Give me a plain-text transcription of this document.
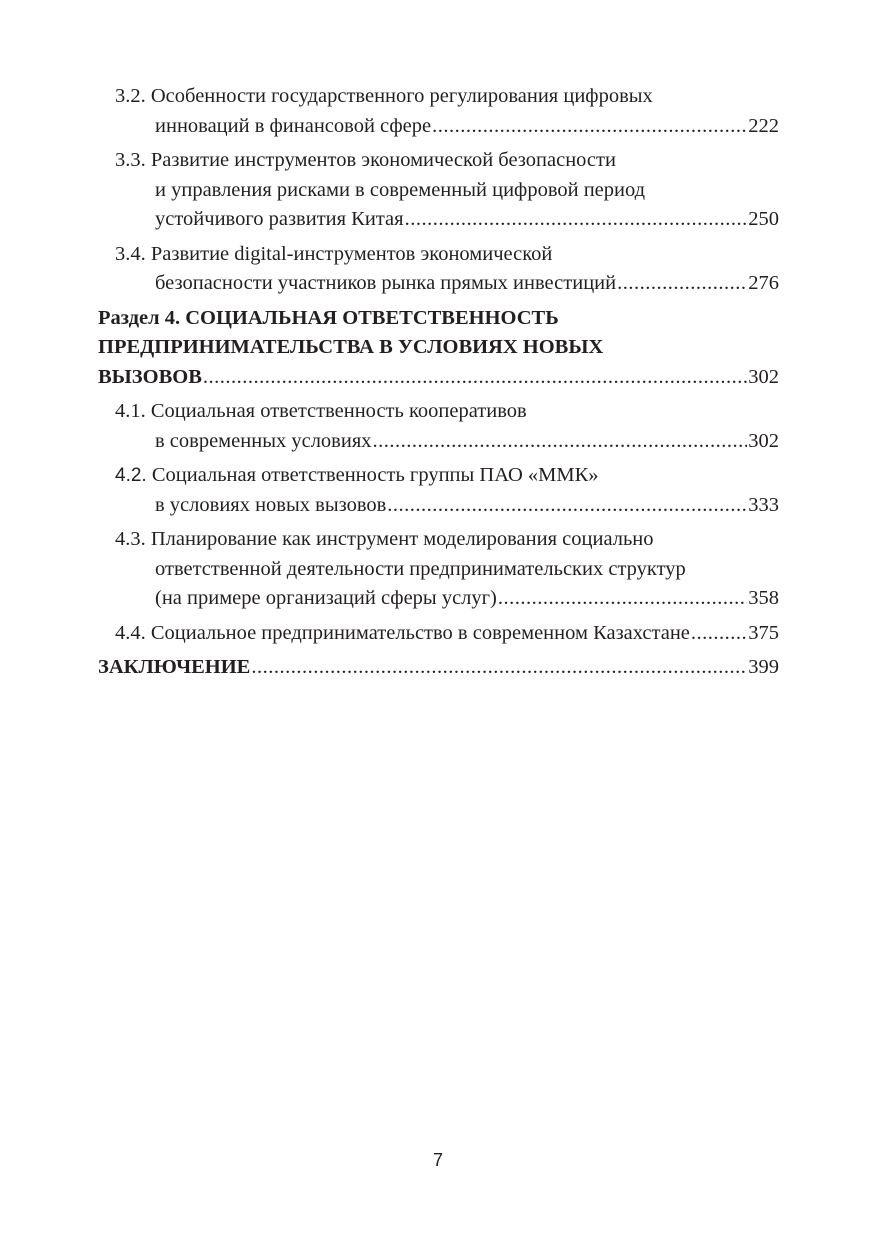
3.2. Особенности государственного регулирования цифровых
инноваций в финансовой сфере .....	222
3.3. Развитие инструментов экономической безопасности
и управления рисками в современный цифровой период
устойчивого развития Китая .....	250
3.4. Развитие digital-инструментов экономической
безопасности участников рынка прямых инвестиций .....	276
Раздел 4. СОЦИАЛЬНАЯ ОТВЕТСТВЕННОСТЬ
ПРЕДПРИНИМАТЕЛЬСТВА В УСЛОВИЯХ НОВЫХ
ВЫЗОВОВ .....	302
4.1. Социальная ответственность кооперативов
в современных условиях .....	302
4.2. Социальная ответственность группы ПАО «ММК»
в условиях новых вызовов .....	333
4.3. Планирование как инструмент моделирования социально
ответственной деятельности предпринимательских структур
(на примере организаций сферы услуг) .....	358
4.4. Социальное предпринимательство в современном Казахстане .....	375
ЗАКЛЮЧЕНИЕ .....	399
7
